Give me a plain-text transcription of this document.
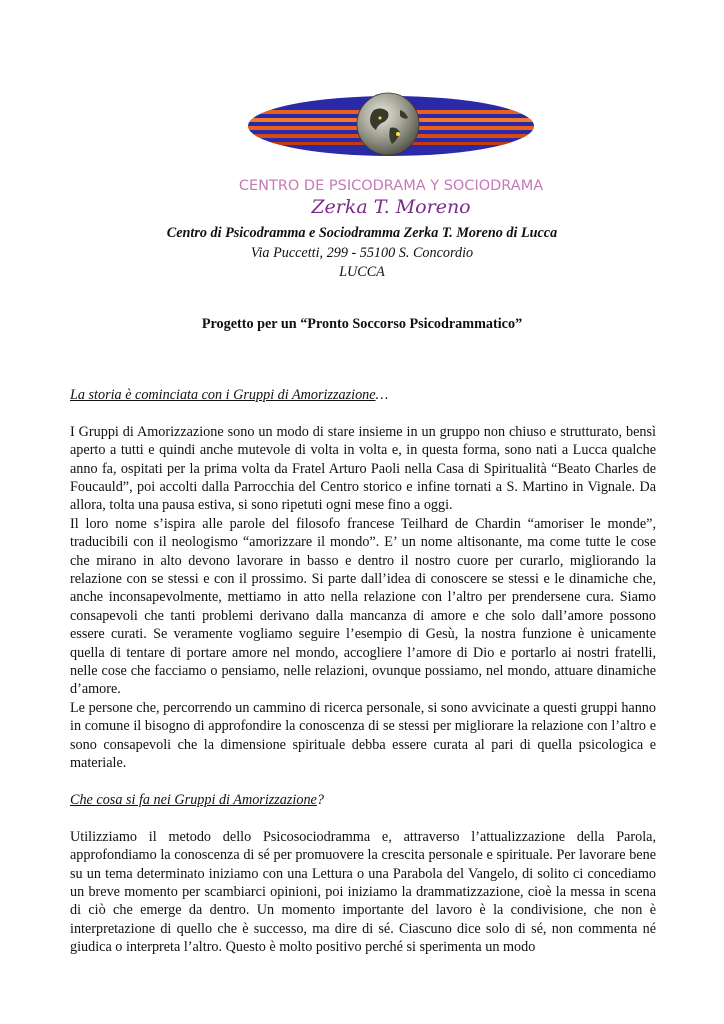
CENTRO DE PSICODRAMA Y SOCIODRAMA
Zerka T. Moreno
Centro di Psicodramma e Sociodramma Zerka T. Moreno di Lucca
Via Puccetti, 299 - 55100 S. Concordio
LUCCA
Progetto per un “Pronto Soccorso Psicodrammatico”

La storia è cominciata con i Gruppi di Amorizzazione…

I Gruppi di Amorizzazione sono un modo di stare insieme in un gruppo non chiuso e strutturato, bensì aperto a tutti e quindi anche mutevole di volta in volta e, in questa forma, sono nati a Lucca qualche anno fa, ospitati per la prima volta da Fratel Arturo Paoli nella Casa di Spiritualità “Beato Charles de Foucauld”, poi accolti dalla Parrocchia del Centro storico e infine tornati a S. Martino in Vignale. Da allora, tolta una pausa estiva, si sono ripetuti ogni mese fino a oggi.

Il loro nome s’ispira alle parole del filosofo francese Teilhard de Chardin “amoriser le monde”, traducibili con il neologismo “amorizzare il mondo”. E’ un nome altisonante, ma come tutte le cose che mirano in alto devono lavorare in basso e dentro il nostro cuore per curarlo, migliorando la relazione con se stessi e con il prossimo. Si parte dall’idea di conoscere se stessi e le dinamiche che, anche inconsapevolmente, mettiamo in atto nella relazione con l’altro per prendersene cura. Siamo consapevoli che tanti problemi derivano dalla mancanza di amore e che solo dall’amore possono essere curati. Se veramente vogliamo seguire l’esempio di Gesù, la nostra funzione è unicamente quella di tentare di portare amore nel mondo, accogliere l’amore di Dio e portarlo ai nostri fratelli, nelle cose che facciamo o pensiamo, nelle relazioni, ovunque possiamo, nel mondo, attuare dinamiche d’amore.

Le persone che, percorrendo un cammino di ricerca personale, si sono avvicinate a questi gruppi hanno in comune il bisogno di approfondire la conoscenza di se stessi per migliorare la relazione con l’altro e sono consapevoli che la dimensione spirituale debba essere curata al pari di quella psicologica e materiale.

Che cosa si fa nei Gruppi di Amorizzazione?

Utilizziamo il metodo dello Psicosociodramma e, attraverso l’attualizzazione della Parola, approfondiamo la conoscenza di sé per promuovere la crescita personale e spirituale. Per lavorare bene su un tema determinato iniziamo con una Lettura o una Parabola del Vangelo, di solito ci concediamo un breve momento per scambiarci opinioni, poi iniziamo la drammatizzazione, cioè la messa in scena di ciò che emerge da dentro. Un momento importante del lavoro è la condivisione, che non è interpretazione di quello che è successo, ma dire di sé. Ciascuno dice solo di sé, non commenta né giudica o interpreta l’altro. Questo è molto positivo perché si sperimenta un modo
